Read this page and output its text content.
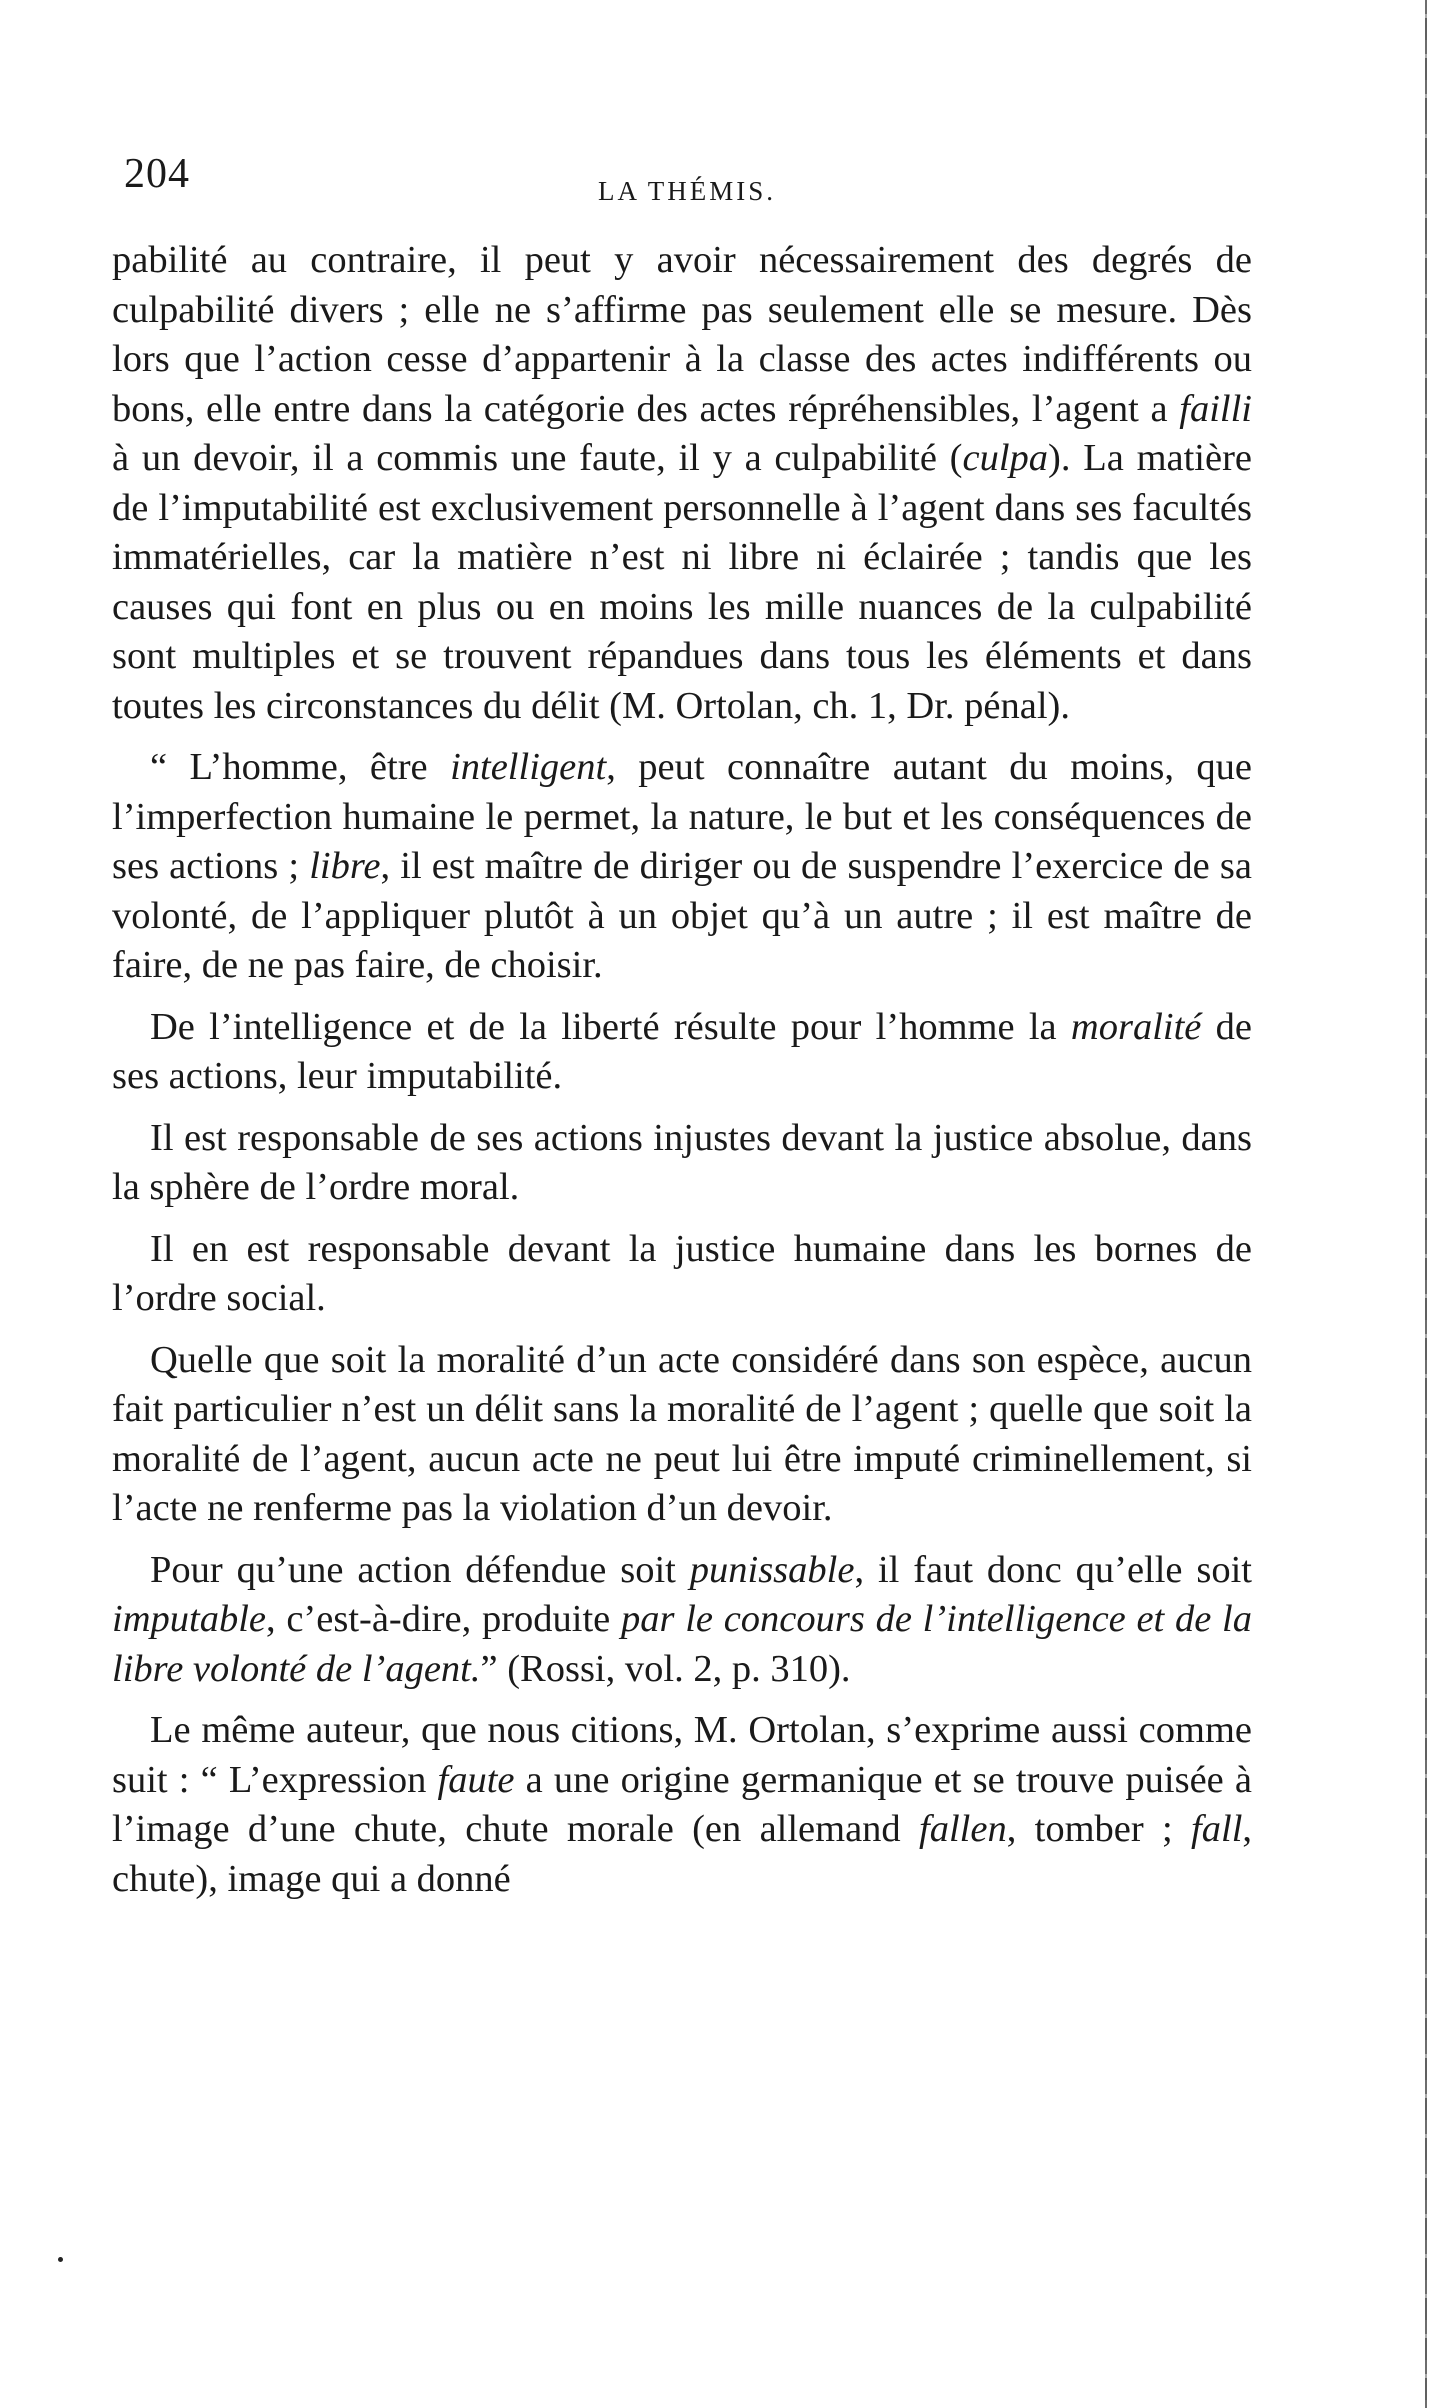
204	LA THÉMIS.

pabilité au contraire, il peut y avoir nécessairement des degrés de culpabilité divers ; elle ne s’affirme pas seulement elle se mesure. Dès lors que l’action cesse d’appartenir à la classe des actes indifférents ou bons, elle entre dans la catégorie des actes répréhensibles, l’agent a failli à un devoir, il a commis une faute, il y a culpabilité (culpa). La matière de l’imputabilité est exclusivement personnelle à l’agent dans ses facultés immatérielles, car la matière n’est ni libre ni éclairée ; tandis que les causes qui font en plus ou en moins les mille nuances de la culpabilité sont multiples et se trouvent répandues dans tous les éléments et dans toutes les circonstances du délit (M. Ortolan, ch. 1, Dr. pénal).

“ L’homme, être intelligent, peut connaître autant du moins, que l’imperfection humaine le permet, la nature, le but et les conséquences de ses actions ; libre, il est maître de diriger ou de suspendre l’exercice de sa volonté, de l’appliquer plutôt à un objet qu’à un autre ; il est maître de faire, de ne pas faire, de choisir.

De l’intelligence et de la liberté résulte pour l’homme la moralité de ses actions, leur imputabilité.

Il est responsable de ses actions injustes devant la justice absolue, dans la sphère de l’ordre moral.

Il en est responsable devant la justice humaine dans les bornes de l’ordre social.

Quelle que soit la moralité d’un acte considéré dans son espèce, aucun fait particulier n’est un délit sans la moralité de l’agent ; quelle que soit la moralité de l’agent, aucun acte ne peut lui être imputé criminellement, si l’acte ne renferme pas la violation d’un devoir.

Pour qu’une action défendue soit punissable, il faut donc qu’elle soit imputable, c’est-à-dire, produite par le concours de l’intelligence et de la libre volonté de l’agent.” (Rossi, vol. 2, p. 310).

Le même auteur, que nous citions, M. Ortolan, s’exprime aussi comme suit : “ L’expression faute a une origine germanique et se trouve puisée à l’image d’une chute, chute morale (en allemand fallen, tomber ; fall, chute), image qui a donné
